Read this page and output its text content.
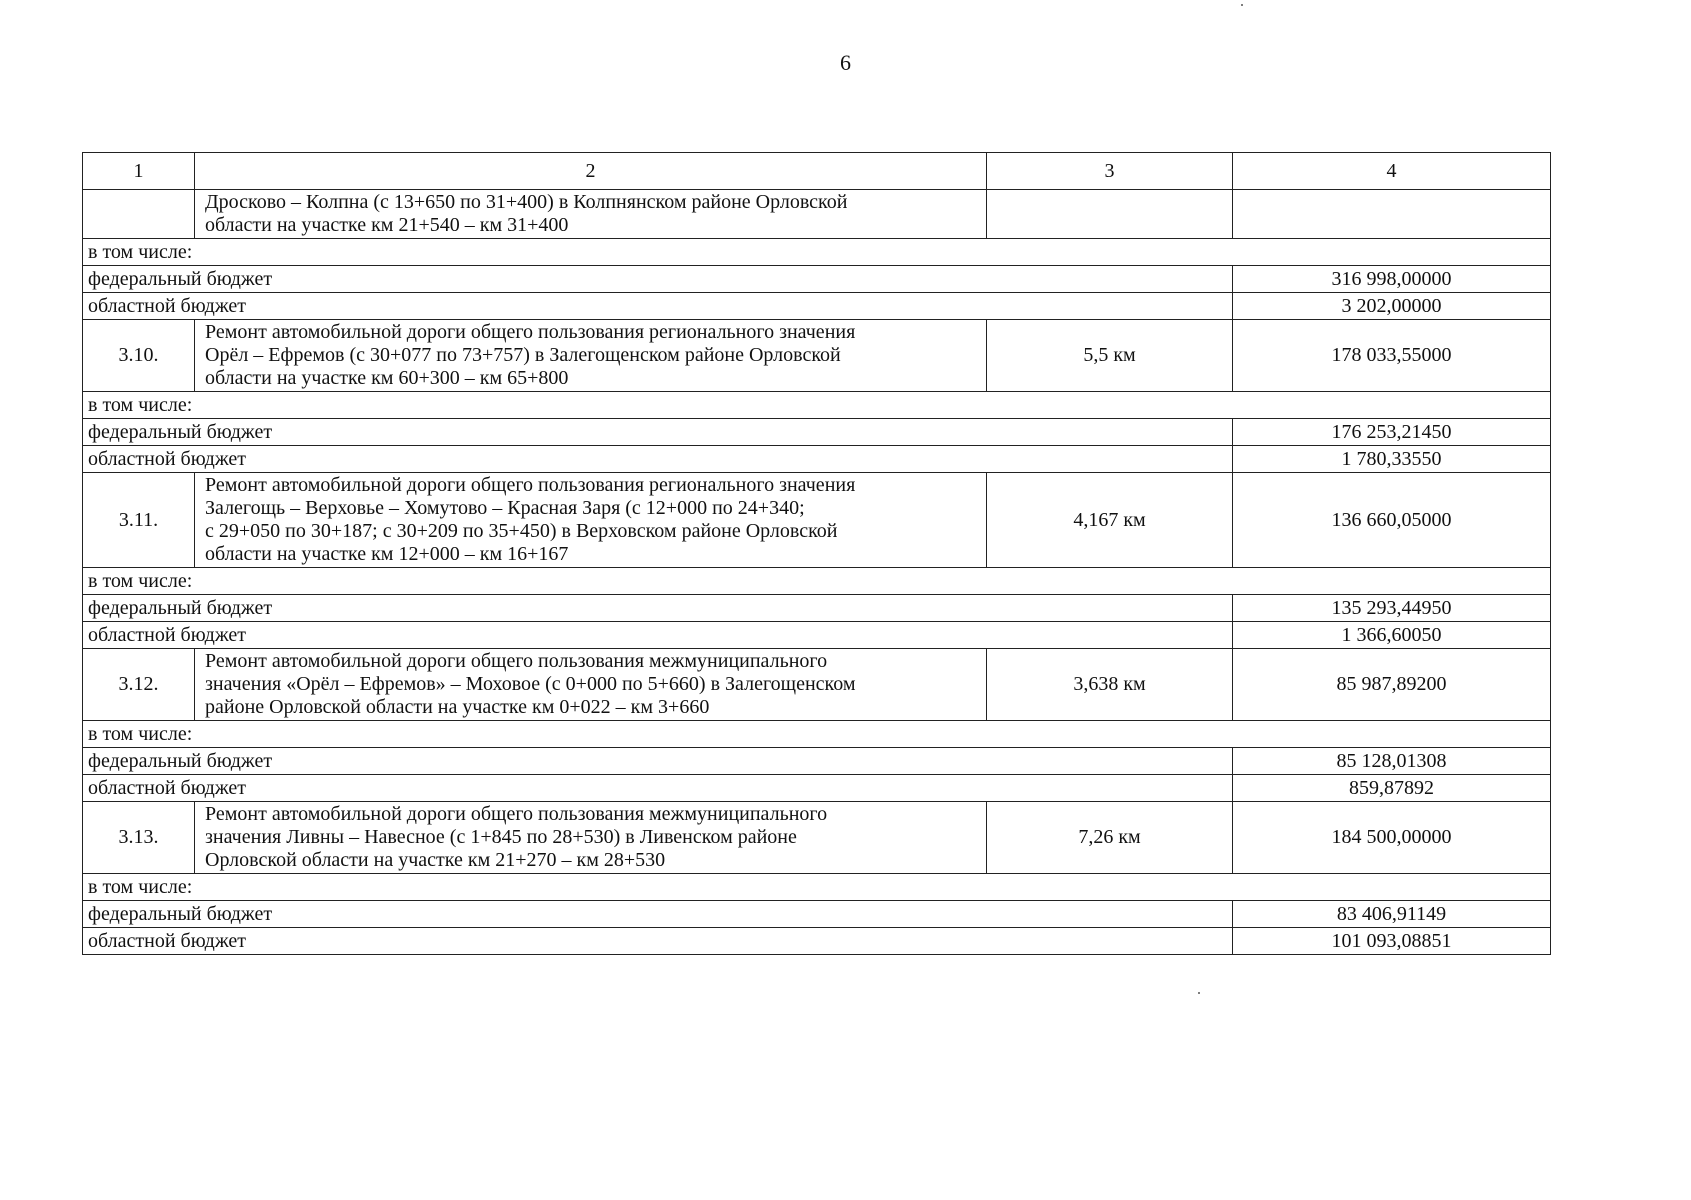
6
1	2	3	4

	Дросково – Колпна (с 13+650 по 31+400) в Колпнянском районе Орловской
области на участке км 21+540 – км 31+400		

в том числе:			
федеральный бюджет			316 998,00000
областной бюджет			3 202,00000
3.10.	Ремонт автомобильной дороги общего пользования регионального значения
Орёл – Ефремов (с 30+077 по 73+757) в Залегощенском районе Орловской
области на участке км 60+300 – км 65+800	5,5 км	178 033,55000
в том числе:			
федеральный бюджет			176 253,21450
областной бюджет			1 780,33550
3.11.	Ремонт автомобильной дороги общего пользования регионального значения
Залегощь – Верховье – Хомутово – Красная Заря (с 12+000 по 24+340;
с 29+050 по 30+187; с 30+209 по 35+450) в Верховском районе Орловской
области на участке км 12+000 – км 16+167	4,167 км	136 660,05000
в том числе:			
федеральный бюджет			135 293,44950
областной бюджет			1 366,60050
3.12.	Ремонт автомобильной дороги общего пользования межмуниципального
значения «Орёл – Ефремов» – Моховое (с 0+000 по 5+660) в Залегощенском
районе Орловской области на участке км 0+022 – км 3+660	3,638 км	85 987,89200
в том числе:			
федеральный бюджет			85 128,01308
областной бюджет			859,87892
3.13.	Ремонт автомобильной дороги общего пользования межмуниципального
значения Ливны – Навесное (с 1+845 по 28+530) в Ливенском районе
Орловской области на участке км 21+270 – км 28+530	7,26 км	184 500,00000
в том числе:			
федеральный бюджет			83 406,91149
областной бюджет			101 093,08851
